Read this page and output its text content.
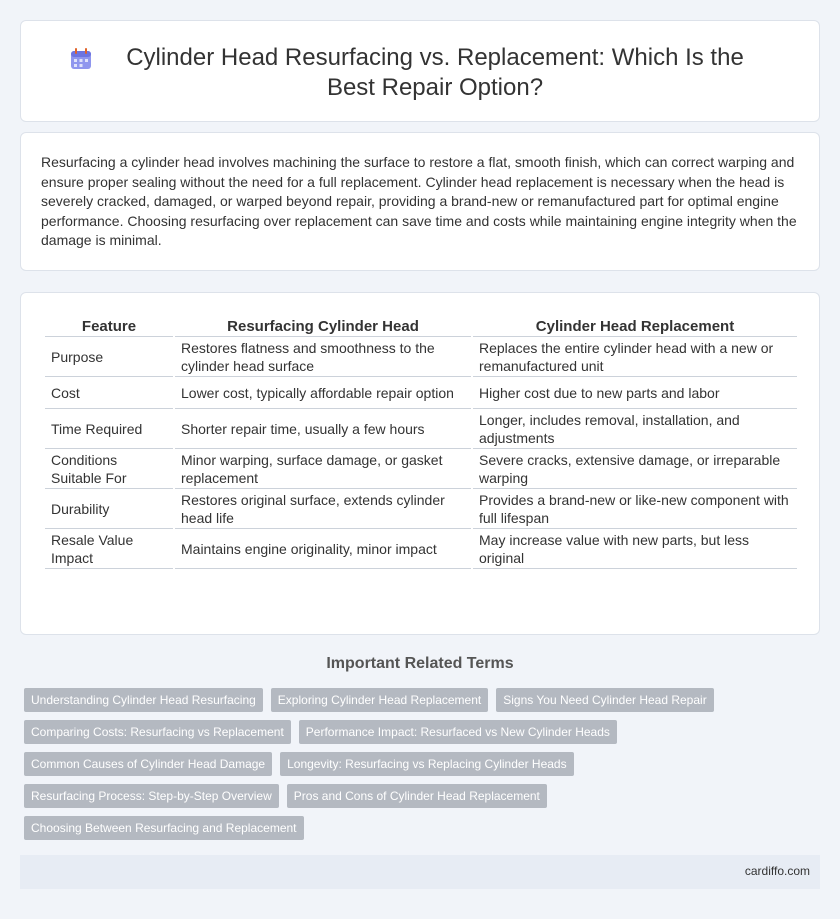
Cylinder Head Resurfacing vs. Replacement: Which Is the Best Repair Option?

Resurfacing a cylinder head involves machining the surface to restore a flat, smooth finish, which can correct warping and ensure proper sealing without the need for a full replacement. Cylinder head replacement is necessary when the head is severely cracked, damaged, or warped beyond repair, providing a brand-new or remanufactured part for optimal engine performance. Choosing resurfacing over replacement can save time and costs while maintaining engine integrity when the damage is minimal.

Feature	Resurfacing Cylinder Head	Cylinder Head Replacement
Purpose	Restores flatness and smoothness to the cylinder head surface	Replaces the entire cylinder head with a new or remanufactured unit
Cost	Lower cost, typically affordable repair option	Higher cost due to new parts and labor
Time Required	Shorter repair time, usually a few hours	Longer, includes removal, installation, and adjustments
Conditions Suitable For	Minor warping, surface damage, or gasket replacement	Severe cracks, extensive damage, or irreparable warping
Durability	Restores original surface, extends cylinder head life	Provides a brand-new or like-new component with full lifespan
Resale Value Impact	Maintains engine originality, minor impact	May increase value with new parts, but less original
Important Related Terms
Understanding Cylinder Head Resurfacing	Exploring Cylinder Head Replacement	Signs You Need Cylinder Head Repair
Comparing Costs: Resurfacing vs Replacement	Performance Impact: Resurfaced vs New Cylinder Heads
Common Causes of Cylinder Head Damage	Longevity: Resurfacing vs Replacing Cylinder Heads
Resurfacing Process: Step-by-Step Overview	Pros and Cons of Cylinder Head Replacement
Choosing Between Resurfacing and Replacement
cardiffo.com
